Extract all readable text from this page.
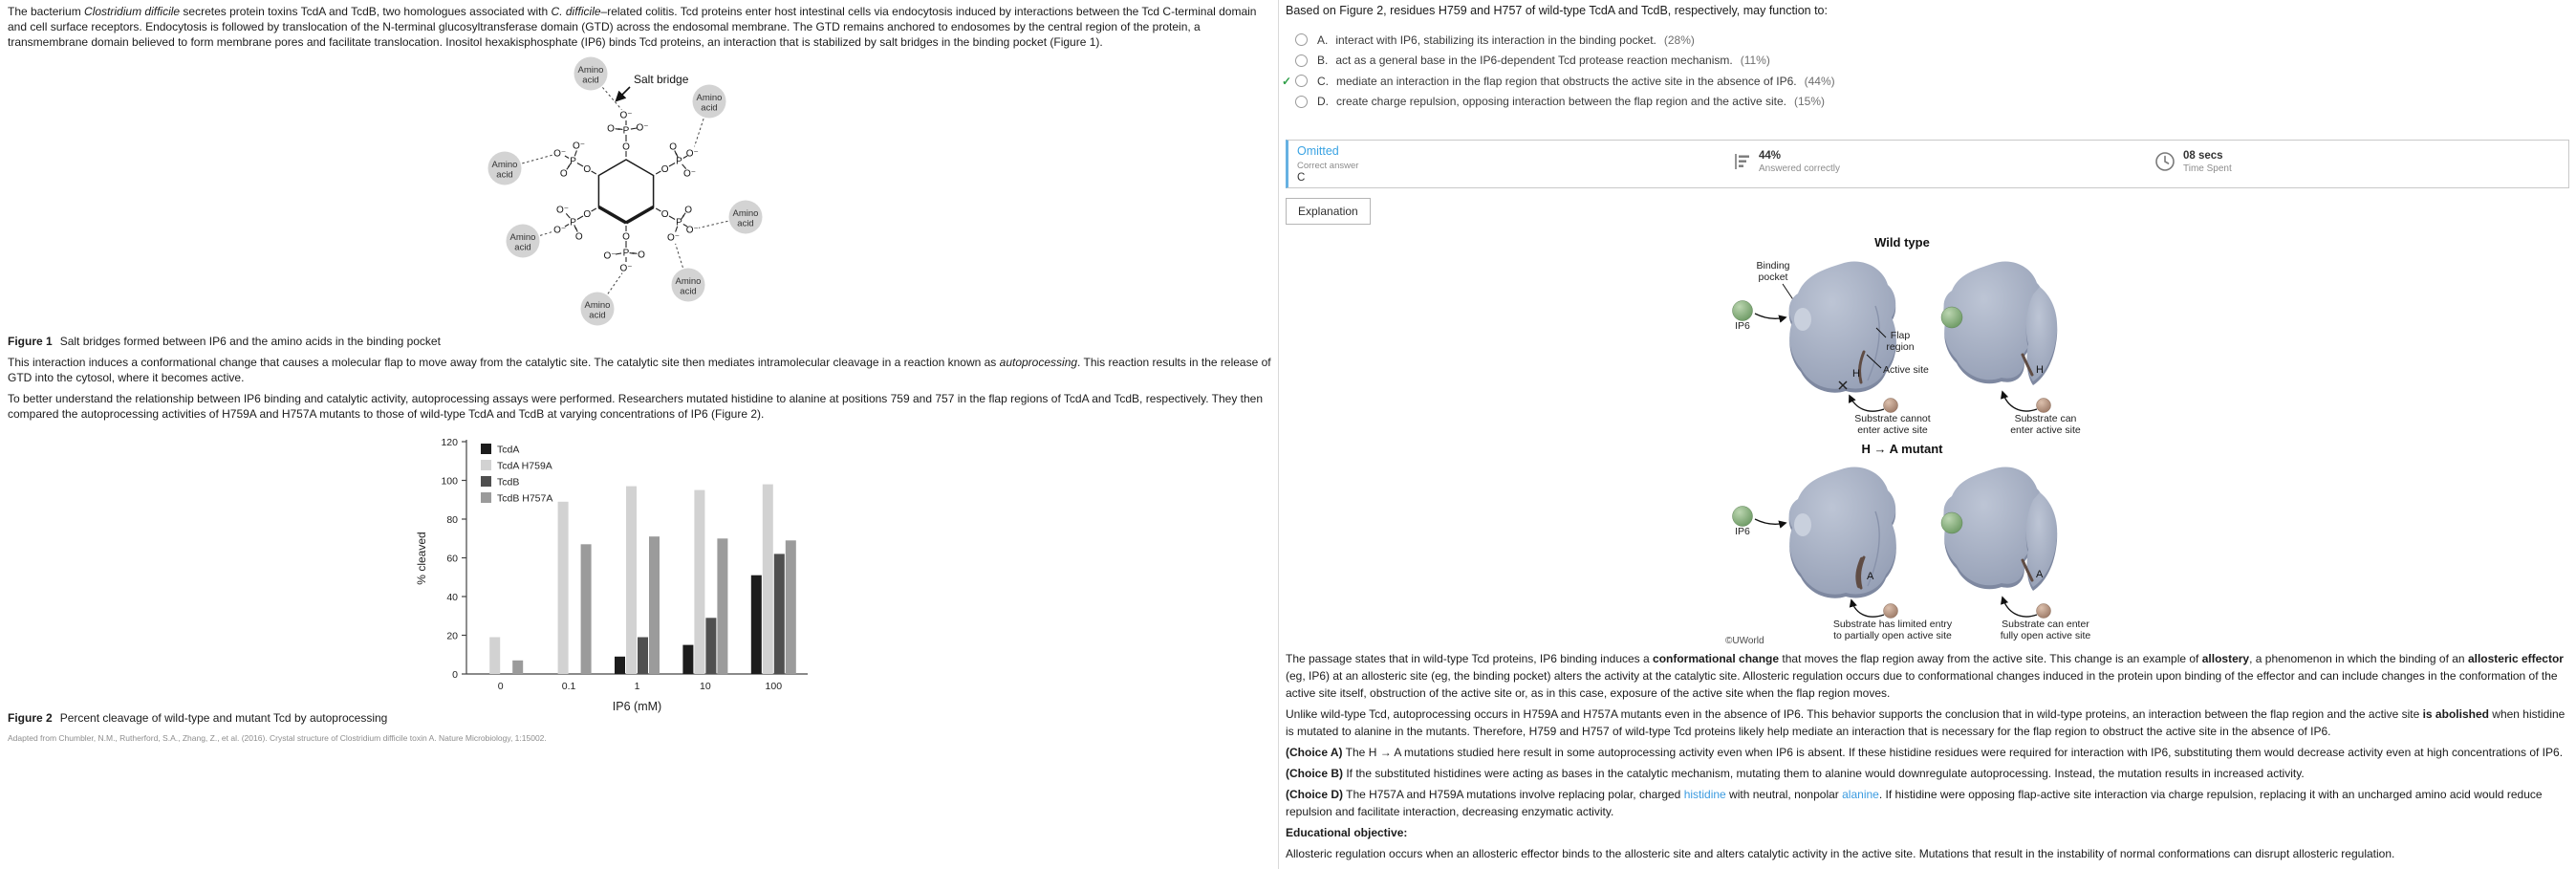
The bacterium Clostridium difficile secretes protein toxins TcdA and TcdB, two homologues associated with C. difficile–related colitis. Tcd proteins enter host intestinal cells via endocytosis induced by interactions between the Tcd C-terminal domain and cell surface receptors. Endocytosis is followed by translocation of the N-terminal glucosyltransferase domain (GTD) across the endosomal membrane. The GTD remains anchored to endosomes by the central region of the protein, a transmembrane domain believed to form membrane pores and facilitate translocation. Inositol hexakisphosphate (IP6) binds Tcd proteins, an interaction that is stabilized by salt bridges in the binding pocket (Figure 1).
O
P
O⁻
O⁻
O
O
P
O⁻
O⁻
O
O
P
O⁻
O⁻
O	O
P
O⁻
O⁻ O
O
P
O⁻
O⁻
O
O
P
O⁻
O⁻
O
Amino
acid
Amino
acid
Amino
acid
Amino
acid
Amino
acid
Amino
acid
Amino
acid
Salt bridge
Figure 1 Salt bridges formed between IP6 and the amino acids in the binding pocket
This interaction induces a conformational change that causes a molecular flap to move away from the catalytic site. The catalytic site then mediates intramolecular cleavage in a reaction known as autoprocessing. This reaction results in the release of GTD into the cytosol, where it becomes active.
To better understand the relationship between IP6 binding and catalytic activity, autoprocessing assays were performed. Researchers mutated histidine to alanine at positions 759 and 757 in the flap regions of TcdA and TcdB, respectively. They then compared the autoprocessing activities of H759A and H757A mutants to those of wild-type TcdA and TcdB at varying concentrations of IP6 (Figure 2).
0
20
40
60
80
100
120
% cleaved
0	0.1	1	10	100
IP6 (mM)
TcdA
TcdA H759A
TcdB
TcdB H757A
Figure 2 Percent cleavage of wild-type and mutant Tcd by autoprocessing
Adapted from Chumbler, N.M., Rutherford, S.A., Zhang, Z., et al. (2016). Crystal structure of Clostridium difficile toxin A. Nature Microbiology, 1:15002.
Based on Figure 2, residues H759 and H757 of wild-type TcdA and TcdB, respectively, may function to:
A. interact with IP6, stabilizing its interaction in the binding pocket. (28%)
B. act as a general base in the IP6-dependent Tcd protease reaction mechanism. (11%)
✓	C. mediate an interaction in the flap region that obstructs the active site in the absence of IP6. (44%)
D. create charge repulsion, opposing interaction between the flap region and the active site. (15%)
Omitted
Correct answer
C
44%
Answered correctly
08 secs
Time Spent
Explanation
Wild type
Binding
pocket
IP6
Flap
region
Active site
H	H
Substrate cannot
enter active site
Substrate can
enter active site
H → A mutant
IP6
A	A
Substrate has limited entry
to partially open active site
Substrate can enter
fully open active site
©UWorld

The passage states that in wild-type Tcd proteins, IP6 binding induces a conformational change that moves the flap region away from the active site. This change is an example of allostery, a phenomenon in which the binding of an allosteric effector (eg, IP6) at an allosteric site (eg, the binding pocket) alters the activity at the catalytic site. Allosteric regulation occurs due to conformational changes induced in the protein upon binding of the effector and can include changes in the conformation of the active site itself, obstruction of the active site or, as in this case, exposure of the active site when the flap region moves.

Unlike wild-type Tcd, autoprocessing occurs in H759A and H757A mutants even in the absence of IP6. This behavior supports the conclusion that in wild-type proteins, an interaction between the flap region and the active site is abolished when histidine is mutated to alanine in the mutants. Therefore, H759 and H757 of wild-type Tcd proteins likely help mediate an interaction that is necessary for the flap region to obstruct the active site in the absence of IP6.

(Choice A) The H → A mutations studied here result in some autoprocessing activity even when IP6 is absent. If these histidine residues were required for interaction with IP6, substituting them would decrease activity even at high concentrations of IP6.

(Choice B) If the substituted histidines were acting as bases in the catalytic mechanism, mutating them to alanine would downregulate autoprocessing. Instead, the mutation results in increased activity.

(Choice D) The H757A and H759A mutations involve replacing polar, charged histidine with neutral, nonpolar alanine. If histidine were opposing flap-active site interaction via charge repulsion, replacing it with an uncharged amino acid would reduce repulsion and facilitate interaction, decreasing enzymatic activity.

Educational objective:

Allosteric regulation occurs when an allosteric effector binds to the allosteric site and alters catalytic activity in the active site. Mutations that result in the instability of normal conformations can disrupt allosteric regulation.
